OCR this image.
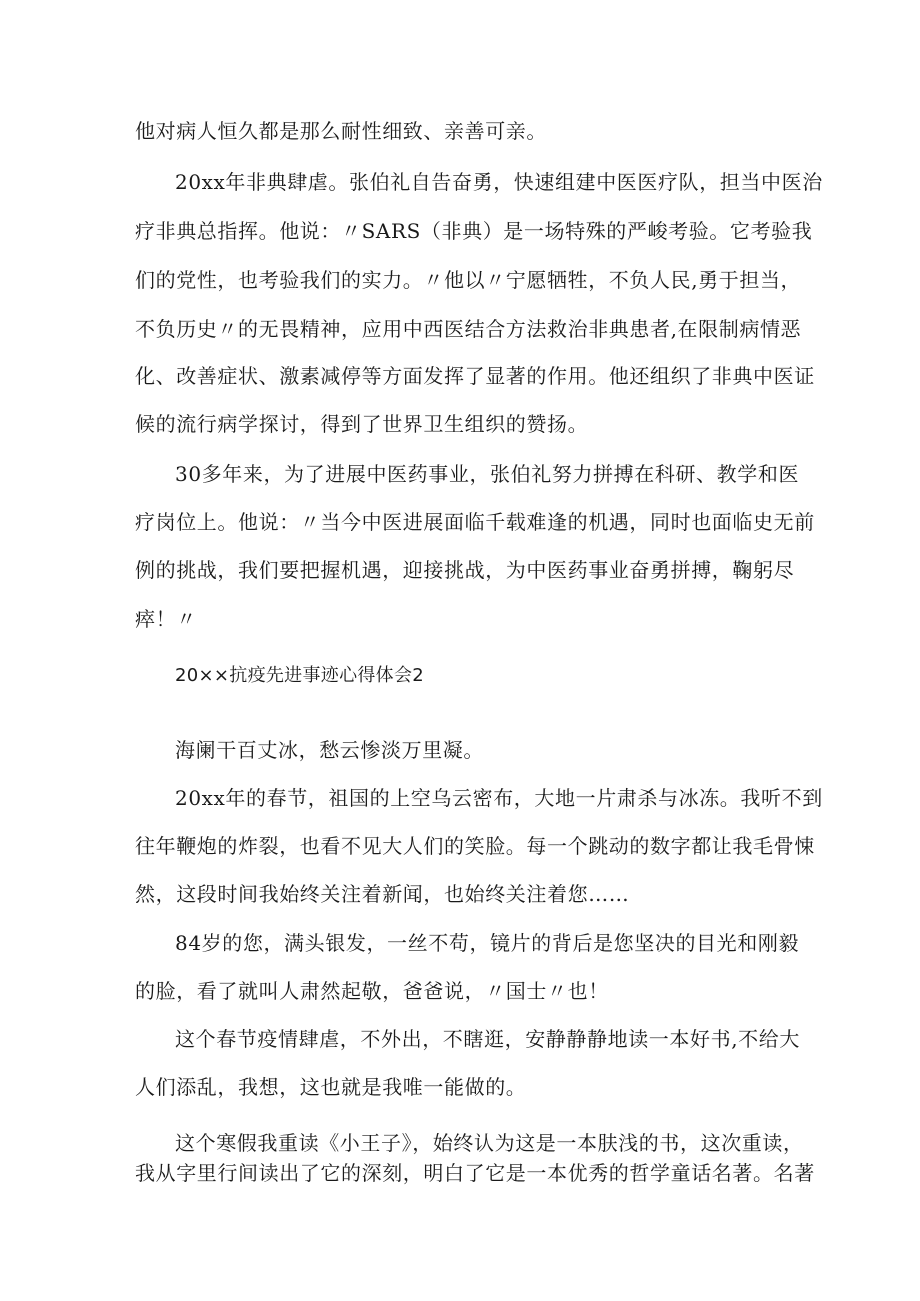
他对病人恒久都是那么耐性细致、亲善可亲。
20xx年非典肆虐。张伯礼自告奋勇，快速组建中医医疗队，担当中医治
疗非典总指挥。他说：〃SARS（非典）是一场特殊的严峻考验。它考验我
们的党性，也考验我们的实力。〃他以〃宁愿牺牲，不负人民,勇于担当，
不负历史〃的无畏精神，应用中西医结合方法救治非典患者,在限制病情恶
化、改善症状、激素减停等方面发挥了显著的作用。他还组织了非典中医证
候的流行病学探讨，得到了世界卫生组织的赞扬。
30多年来，为了进展中医药事业，张伯礼努力拼搏在科研、教学和医
疗岗位上。他说：〃当今中医进展面临千载难逢的机遇，同时也面临史无前
例的挑战，我们要把握机遇，迎接挑战，为中医药事业奋勇拼搏，鞠躬尽
瘁！〃
20××抗疫先进事迹心得体会2
海阑干百丈冰，愁云惨淡万里凝。
20xx年的春节，祖国的上空乌云密布，大地一片肃杀与冰冻。我听不到
往年鞭炮的炸裂，也看不见大人们的笑脸。每一个跳动的数字都让我毛骨悚
然，这段时间我始终关注着新闻，也始终关注着您……
84岁的您，满头银发，一丝不苟，镜片的背后是您坚决的目光和刚毅
的脸，看了就叫人肃然起敬，爸爸说，〃国士〃也！
这个春节疫情肆虐，不外出，不瞎逛，安静静静地读一本好书,不给大
人们添乱，我想，这也就是我唯一能做的。
这个寒假我重读《小王子》，始终认为这是一本肤浅的书，这次重读，
我从字里行间读出了它的深刻，明白了它是一本优秀的哲学童话名著。名著
